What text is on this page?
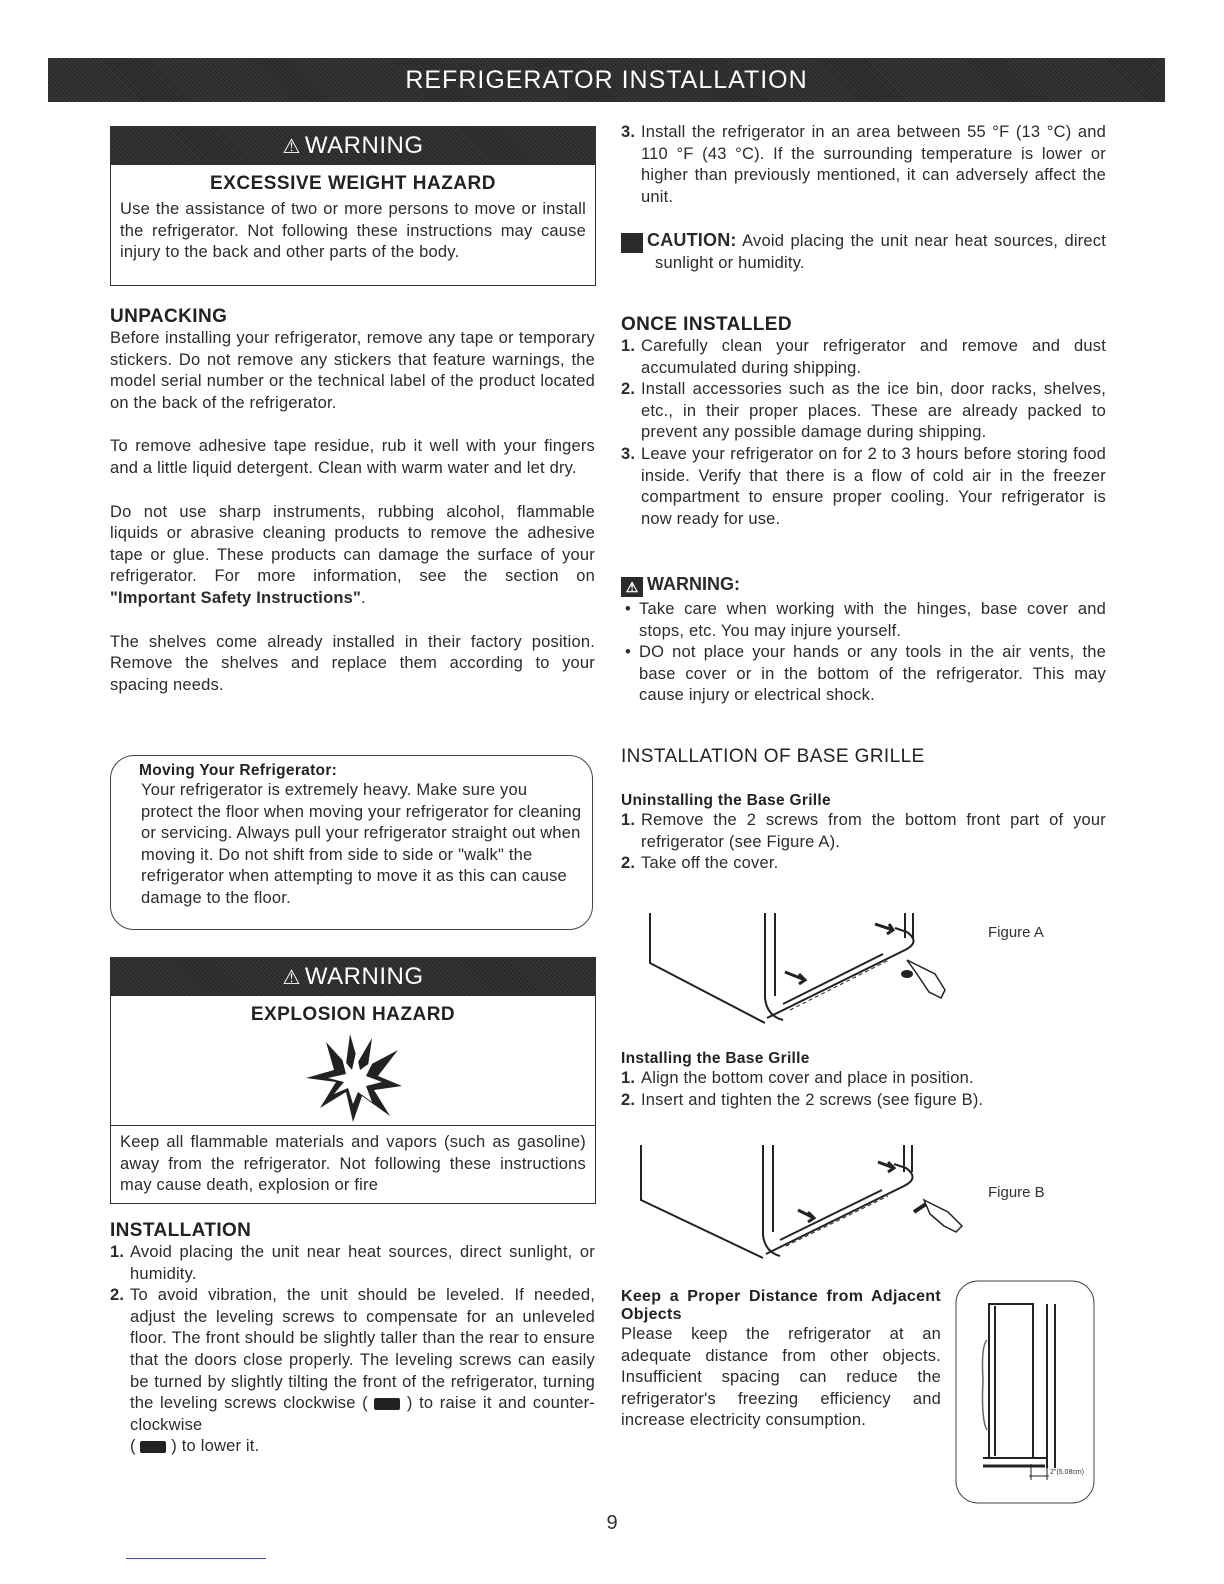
REFRIGERATOR INSTALLATION
⚠ WARNING
EXCESSIVE WEIGHT HAZARD

Use the assistance of two or more persons to move or install the refrigerator. Not following these instructions may cause injury to the back and other parts of the body.

UNPACKING

Before installing your refrigerator, remove any tape or temporary stickers. Do not remove any stickers that feature warnings, the model serial number or the technical label of the product located on the back of the refrigerator.

To remove adhesive tape residue, rub it well with your fingers and a little liquid detergent. Clean with warm water and let dry.

Do not use sharp instruments, rubbing alcohol, flammable liquids or abrasive cleaning products to remove the adhesive tape or glue. These products can damage the surface of your refrigerator. For more information, see the section on "Important Safety Instructions".

The shelves come already installed in their factory position. Remove the shelves and replace them according to your spacing needs.

Moving Your Refrigerator:

Your refrigerator is extremely heavy. Make sure you protect the floor when moving your refrigerator for cleaning or servicing. Always pull your refrigerator straight out when moving it. Do not shift from side to side or "walk" the refrigerator when attempting to move it as this can cause damage to the floor.

⚠ WARNING
EXPLOSION HAZARD

Keep all flammable materials and vapors (such as gasoline) away from the refrigerator. Not following these instructions may cause death, explosion or fire

INSTALLATION
1. Avoid placing the unit near heat sources, direct sunlight, or humidity.
2. To avoid vibration, the unit should be leveled. If needed, adjust the leveling screws to compensate for an unleveled floor. The front should be slightly taller than the rear to ensure that the doors close properly. The leveling screws can easily be turned by slightly tilting the front of the refrigerator, turning the leveling screws clockwise ( ) to raise it and counter-clockwise
(  ) to lower it.
3. Install the refrigerator in an area between 55 °F (13 °C) and 110 °F (43 °C). If the surrounding temperature is lower or higher than previously mentioned, it can adversely affect the unit.

⚠ CAUTION: Avoid placing the unit near heat sources, direct sunlight or humidity.

ONCE INSTALLED
1. Carefully clean your refrigerator and remove and dust accumulated during shipping.
2. Install accessories such as the ice bin, door racks, shelves, etc., in their proper places. These are already packed to prevent any possible damage during shipping.
3. Leave your refrigerator on for 2 to 3 hours before storing food inside. Verify that there is a flow of cold air in the freezer compartment to ensure proper cooling. Your refrigerator is now ready for use.
⚠ WARNING:
• Take care when working with the hinges, base cover and stops, etc. You may injure yourself.
• DO not place your hands or any tools in the air vents, the base cover or in the bottom of the refrigerator. This may cause injury or electrical shock.
INSTALLATION OF BASE GRILLE
Uninstalling the Base Grille
1. Remove the 2 screws from the bottom front part of your refrigerator (see Figure A).
2. Take off the cover.
Figure A
Installing the Base Grille
1. Align the bottom cover and place in position.
2. Insert and tighten the 2 screws (see figure B).
Figure B
Keep a Proper Distance from Adjacent Objects

Please keep the refrigerator at an adequate distance from other objects. Insufficient spacing can reduce the refrigerator's freezing efficiency and increase electricity consumption.

2"(5.08cm)
9
